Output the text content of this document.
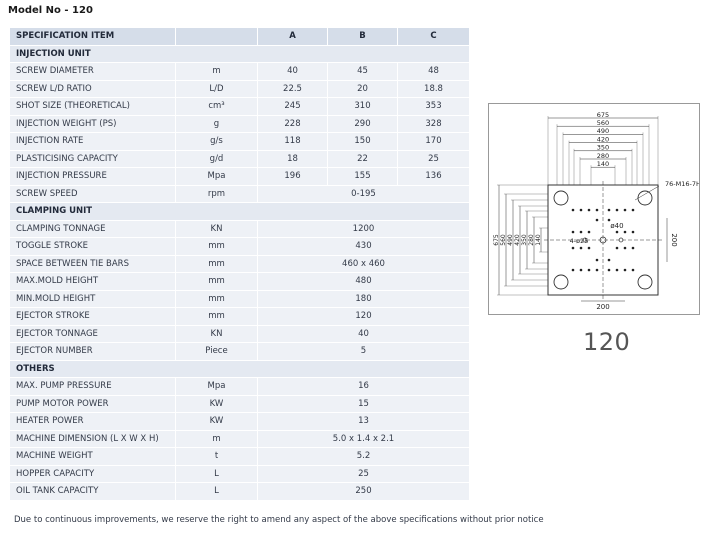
Model No - 120
SPECIFICATION ITEM		A	B	C
INJECTION UNIT				
SCREW DIAMETER	m	40	45	48
SCREW L/D RATIO	L/D	22.5	20	18.8
SHOT SIZE (THEORETICAL)	cm³	245	310	353
INJECTION WEIGHT (PS)	g	228	290	328
INJECTION RATE	g/s	118	150	170
PLASTICISING CAPACITY	g/d	18	22	25
INJECTION PRESSURE	Mpa	196	155	136
SCREW SPEED	rpm	0-195		
CLAMPING UNIT				
CLAMPING TONNAGE	KN	1200		
TOGGLE STROKE	mm	430		
SPACE BETWEEN TIE BARS	mm	460 x 460		
MAX.MOLD HEIGHT	mm	480		
MIN.MOLD HEIGHT	mm	180		
EJECTOR STROKE	mm	120		
EJECTOR TONNAGE	KN	40		
EJECTOR NUMBER	Piece	5		
OTHERS				
MAX. PUMP PRESSURE	Mpa	16		
PUMP MOTOR POWER	KW	15		
HEATER POWER	KW	13		
MACHINE DIMENSION (L X W X H)	m	5.0 x 1.4 x 2.1		
MACHINE WEIGHT	t	5.2		
HOPPER CAPACITY	L	25		
OIL TANK CAPACITY	L	250		
Due to continuous improvements, we reserve the right to amend any aspect of the above specifications without prior notice
675
560
490
420
350
280
140
675 560 490 420 350 280 140	200
200
76-M16-7H
ø40
4-ø25
120
